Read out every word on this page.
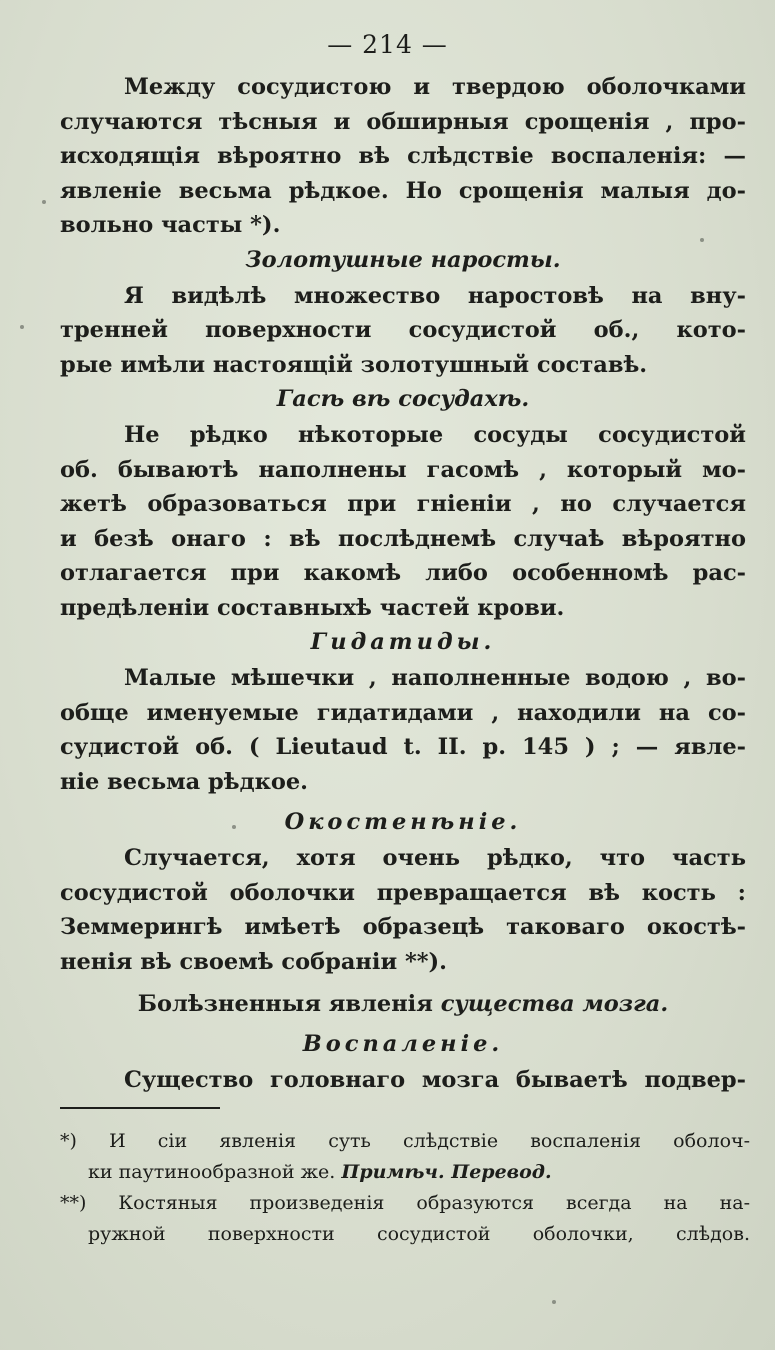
— 214 —
Между сосудистою и твердою оболочками
случаются тѣсныя и обширныя срощенія , про-
исходящія вѣроятно вѣ слѣдствіе воспаленія: —
явленіе весьма рѣдкое. Но срощенія малыя до-
вольно часты *).
Золотушные наросты.
Я видѣлѣ множество наростовѣ на вну-
тренней поверхности сосудистой об., кото-
рые имѣли настоящій золотушный составѣ.
Гасѣ вѣ сосудахѣ.
Не рѣдко нѣкоторые сосуды сосудистой
об. бываютѣ наполнены гасомѣ , который мо-
жетѣ образоваться при гніеніи , но случается
и безѣ онаго : вѣ послѣднемѣ случаѣ вѣроятно
отлагается при какомѣ либо особенномѣ рас-
предѣленіи составныхѣ частей крови.
Гидатиды.
Малые мѣшечки , наполненные водою , во-
обще именуемые гидатидами , находили на со-
судистой об. ( Lieutaud t. II. p. 145 ) ; — явле-
ніе весьма рѣдкое.
Окостенѣніе.
Случается, хотя очень рѣдко, что часть
сосудистой оболочки превращается вѣ кость :
Земмерингѣ имѣетѣ образецѣ таковаго окостѣ-
ненія вѣ своемѣ собраніи **).
Болѣзненныя явленія существа мозга.
Воспаленіе.
Существо головнаго мозга бываетѣ подвер-
*) И сіи явленія суть слѣдствіе воспаленія оболоч-
ки паутинообразной же. Примѣч. Перевод.
**) Костяныя произведенія образуются всегда на на-
ружной поверхности сосудистой оболочки, слѣдов.
